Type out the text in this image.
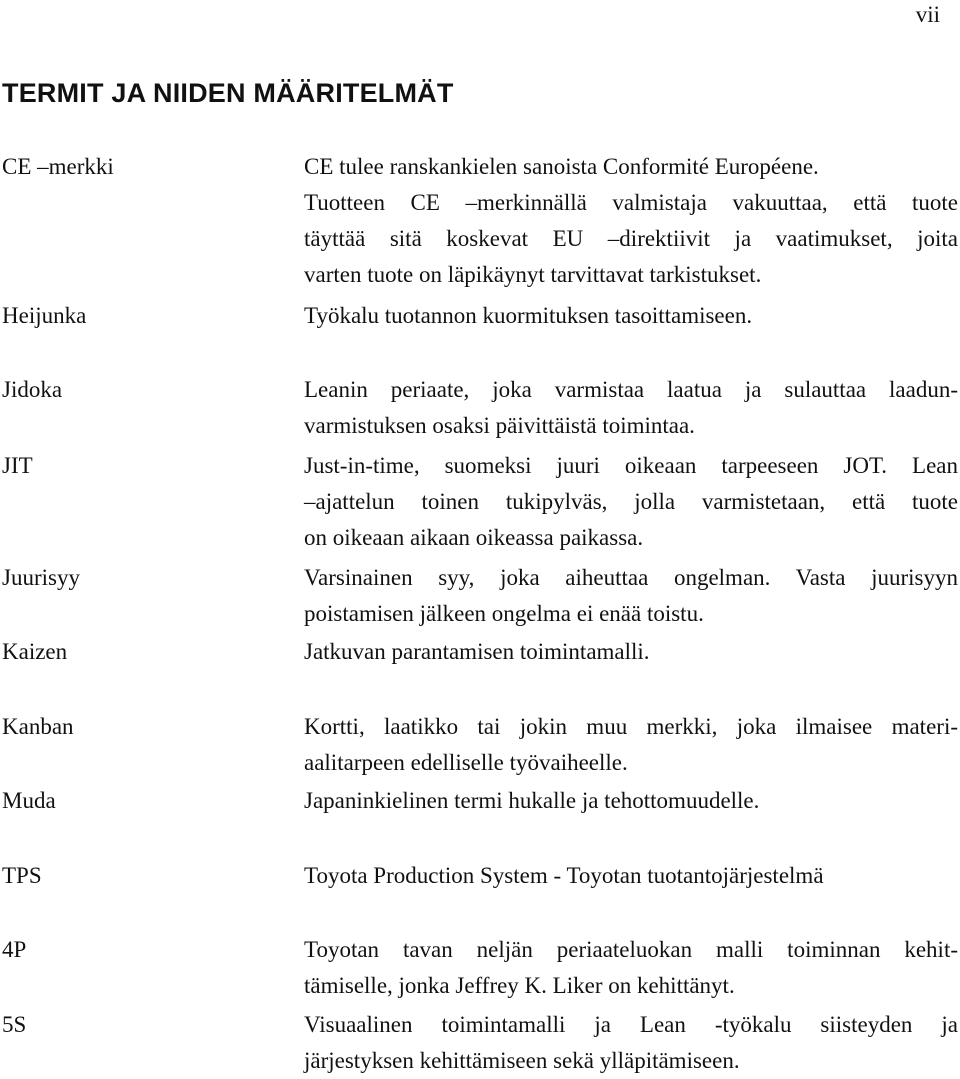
vii
TERMIT JA NIIDEN MÄÄRITELMÄT
CE –merkki	CE tulee ranskankielen sanoista Conformité Européene.
Tuotteen CE –merkinnällä valmistaja vakuuttaa, että tuote
täyttää sitä koskevat EU –direktiivit ja vaatimukset, joita
varten tuote on läpikäynyt tarvittavat tarkistukset.
Heijunka	Työkalu tuotannon kuormituksen tasoittamiseen.
Jidoka	Leanin periaate, joka varmistaa laatua ja sulauttaa laadun-
varmistuksen osaksi päivittäistä toimintaa.
JIT	Just-in-time, suomeksi juuri oikeaan tarpeeseen JOT. Lean
–ajattelun toinen tukipylväs, jolla varmistetaan, että tuote
on oikeaan aikaan oikeassa paikassa.
Juurisyy	Varsinainen syy, joka aiheuttaa ongelman. Vasta juurisyyn
poistamisen jälkeen ongelma ei enää toistu.
Kaizen	Jatkuvan parantamisen toimintamalli.
Kanban	Kortti, laatikko tai jokin muu merkki, joka ilmaisee materi-
aalitarpeen edelliselle työvaiheelle.
Muda	Japaninkielinen termi hukalle ja tehottomuudelle.
TPS	Toyota Production System - Toyotan tuotantojärjestelmä
4P	Toyotan tavan neljän periaateluokan malli toiminnan kehit-
tämiselle, jonka Jeffrey K. Liker on kehittänyt.
5S	Visuaalinen toimintamalli ja Lean -työkalu siisteyden ja
järjestyksen kehittämiseen sekä ylläpitämiseen.
